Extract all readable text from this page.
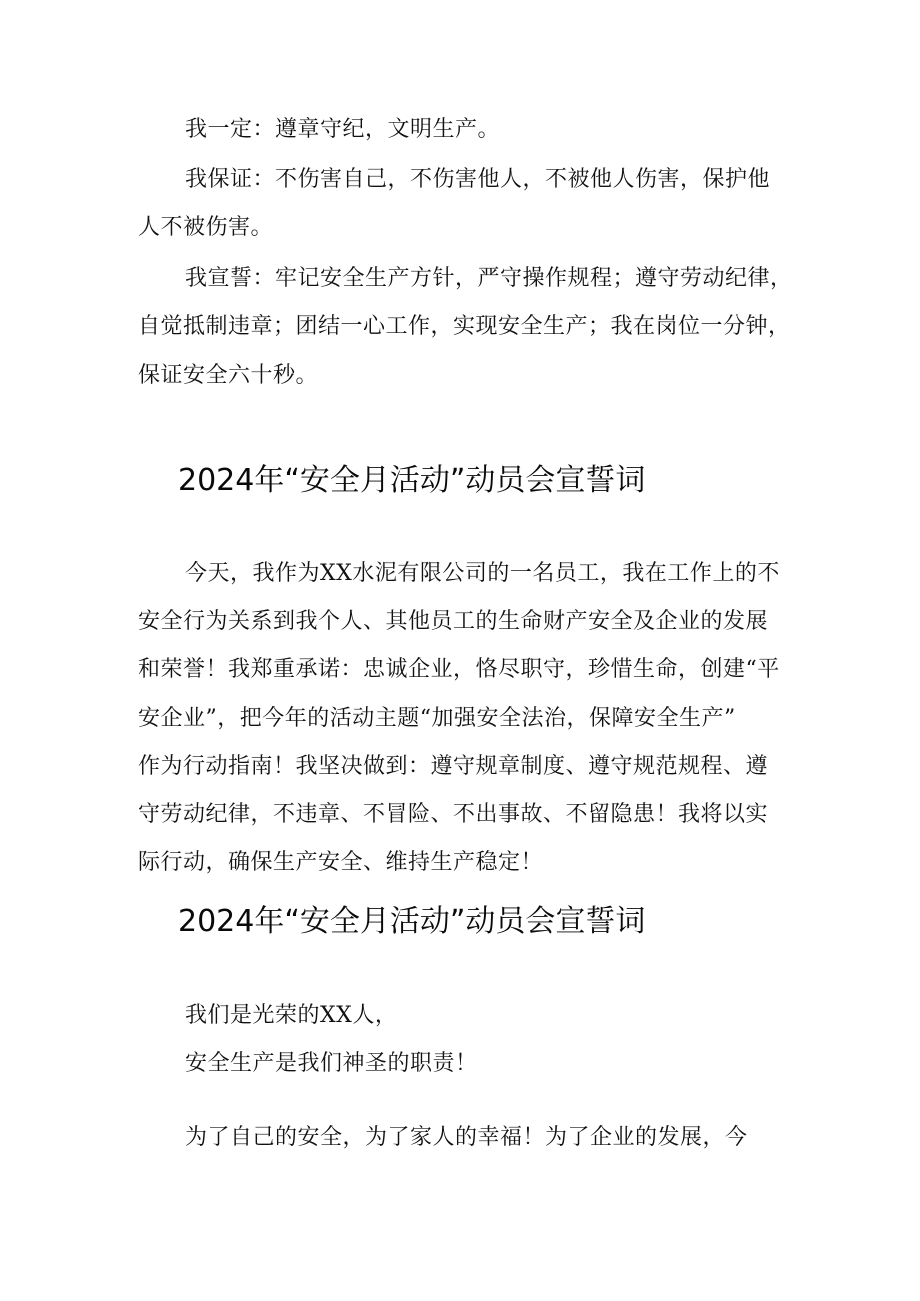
我一定：遵章守纪，文明生产。
我保证：不伤害自己，不伤害他人，不被他人伤害，保护他
人不被伤害。
我宣誓：牢记安全生产方针，严守操作规程；遵守劳动纪律，
自觉抵制违章；团结一心工作，实现安全生产；我在岗位一分钟，
保证安全六十秒。
2024年“安全月活动”动员会宣誓词
今天，我作为XX水泥有限公司的一名员工，我在工作上的不
安全行为关系到我个人、其他员工的生命财产安全及企业的发展
和荣誉！我郑重承诺：忠诚企业，恪尽职守，珍惜生命，创建“平
安企业”，把今年的活动主题“加强安全法治，保障安全生产”
作为行动指南！我坚决做到：遵守规章制度、遵守规范规程、遵
守劳动纪律，不违章、不冒险、不出事故、不留隐患！我将以实
际行动，确保生产安全、维持生产稳定！
2024年“安全月活动”动员会宣誓词
我们是光荣的XX人，
安全生产是我们神圣的职责！
为了自己的安全，为了家人的幸福！为了企业的发展，今
